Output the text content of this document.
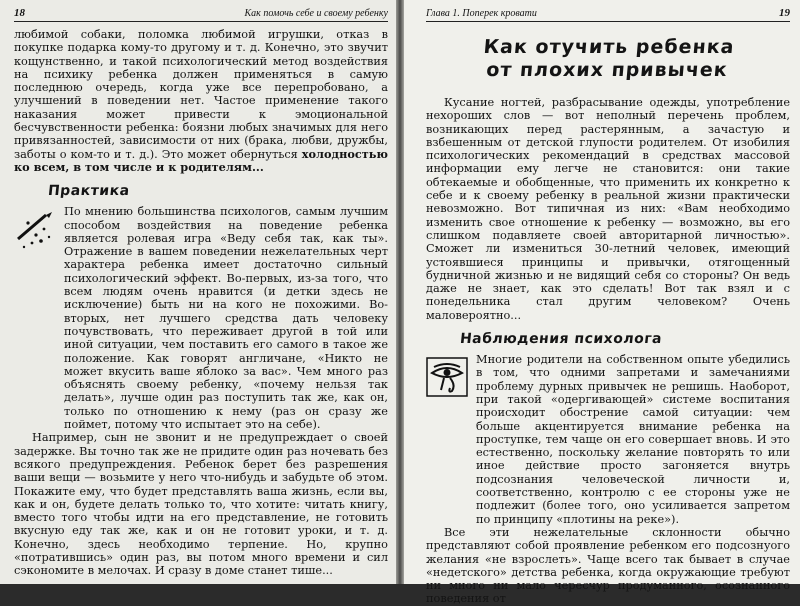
18	Как помочь себе и своему ребенку

любимой собаки, поломка любимой игрушки, отказ в покупке подарка кому-то другому и т. д. Конечно, это звучит кощунственно, и такой психологический метод воздействия на психику ребенка должен применяться в самую последнюю очередь, когда уже все перепробовано, а улучшений в поведении нет. Частое применение такого наказания может привести к эмоциональной бесчувственности ребенка: боязни любых значимых для него привязанностей, зависимости от них (брака, любви, дружбы, заботы о ком-то и т. д.). Это может обернуться холодностью ко всем, в том числе и к родителям...

Практика

По мнению большинства психологов, самым лучшим способом воздействия на поведение ребенка является ролевая игра «Веду себя так, как ты». Отражение в вашем поведении нежелательных черт характера ребенка имеет достаточно сильный психологический эффект. Во-первых, из-за того, что всем людям очень нравится (и детки здесь не исключение) быть ни на кого не похожими. Во-вторых, нет лучшего средства дать человеку почувствовать, что переживает другой в той или иной ситуации, чем поставить его самого в такое же положение. Как говорят англичане, «Никто не может вкусить ваше яблоко за вас». Чем много раз объяснять своему ребенку, «почему нельзя так делать», лучше один раз поступить так же, как он, только по отношению к нему (раз он сразу же поймет, потому что испытает это на себе).

Например, сын не звонит и не предупреждает о своей задержке. Вы точно так же не придите один раз ночевать без всякого предупреждения. Ребенок берет без разрешения ваши вещи — возьмите у него что-нибудь и забудьте об этом. Покажите ему, что будет представлять ваша жизнь, если вы, как и он, будете делать только то, что хотите: читать книгу, вместо того чтобы идти на его представление, не готовить вкусную еду так же, как и он не готовит уроки, и т. д. Конечно, здесь необходимо терпение. Но, крупно «потратившись» один раз, вы потом много времени и сил сэкономите в мелочах. И сразу в доме станет тише...

Глава 1. Поперек кровати	19
Как отучить ребенка
от плохих привычек

Кусание ногтей, разбрасывание одежды, употребление нехороших слов — вот неполный перечень проблем, возникающих перед растерянным, а зачастую и взбешенным от детской глупости родителем. От изобилия психологических рекомендаций в средствах массовой информации ему легче не становится: они такие обтекаемые и обобщенные, что применить их конкретно к себе и к своему ребенку в реальной жизни практически невозможно. Вот типичная из них: «Вам необходимо изменить свое отношение к ребенку — возможно, вы его слишком подавляете своей авторитарной личностью». Сможет ли измениться 30-летний человек, имеющий устоявшиеся принципы и привычки, отягощенный будничной жизнью и не видящий себя со стороны? Он ведь даже не знает, как это сделать! Вот так взял и с понедельника стал другим человеком? Очень маловероятно...

Наблюдения психолога

Многие родители на собственном опыте убедились в том, что одними запретами и замечаниями проблему дурных привычек не решишь. Наоборот, при такой «одергивающей» системе воспитания происходит обострение самой ситуации: чем больше акцентируется внимание ребенка на проступке, тем чаще он его совершает вновь. И это естественно, поскольку желание повторять то или иное действие просто загоняется внутрь подсознания человеческой личности и, соответственно, контролю с ее стороны уже не подлежит (более того, оно усиливается запретом по принципу «плотины на реке»).

Все эти нежелательные склонности обычно представляют собой проявление ребенком его подсознуого желания «не взрослеть». Чаще всего так бывает в случае «недетского» детства ребенка, когда окружающие требуют ни много ни мало чересчур продуманного, осознанного поведения от
